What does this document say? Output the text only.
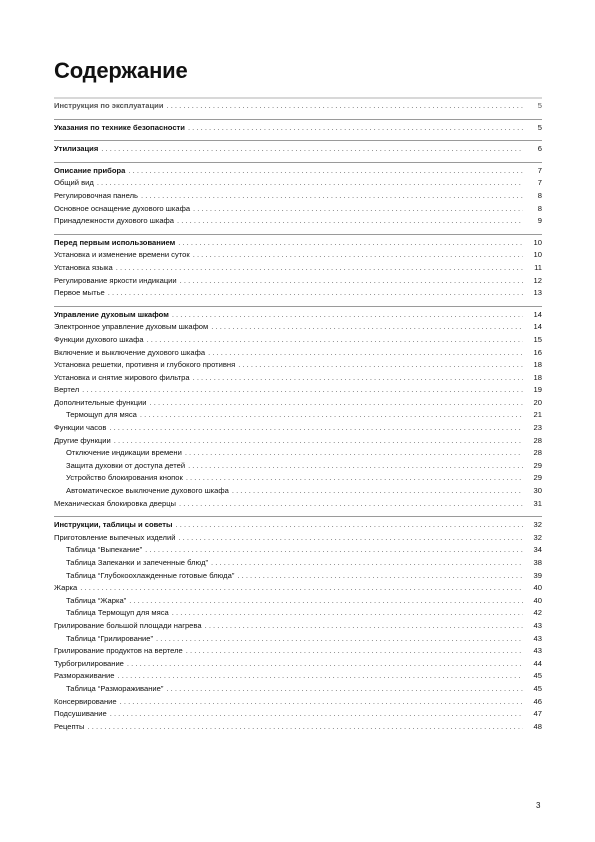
Содержание
Инструкция по эксплуатации . . .	5
Указания по технике безопасности . . .	5
Утилизация . . .	6
Описание прибора . . .	7
Общий вид . . .	7
Регулировочная панель . . .	8
Основное оснащение духового шкафа . . .	8
Принадлежности духового шкафа . . .	9
Перед первым использованием . . .	10
Установка и изменение времени суток . . .	10
Установка языка . . .	11
Регулирование яркости индикации . . .	12
Первое мытье . . .	13
Управление духовым шкафом . . .	14
Электронное управление духовым шкафом . . .	14
Функции духового шкафа . . .	15
Включение и выключение духового шкафа . . .	16
Установка решетки, противня и глубокого противня . . .	18
Установка и снятие жирового фильтра . . .	18
Вертел . . .	19
Дополнительные функции . . .	20
Термощуп для мяса . . .	21
Функции часов . . .	23
Другие функции . . .	28
Отключение индикации времени . . .	28
Защита духовки от доступа детей . . .	29
Устройство блокирования кнопок . . .	29
Автоматическое выключение духового шкафа . . .	30
Механическая блокировка дверцы . . .	31
Инструкции, таблицы и советы . . .	32
Приготовление выпечных изделий . . .	32
Таблица “Выпекание” . . .	34
Таблица Запеканки и запеченные блюд” . . .	38
Таблица “Глубокоохлажденные готовые блюда” . . .	39
Жарка . . .	40
Таблица “Жарка” . . .	40
Таблица Термощуп для мяса . . .	42
Грилирование большой площади нагрева . . .	43
Таблица “Грилирование” . . .	43
Грилирование продуктов на вертеле . . .	43
Турбогрилирование . . .	44
Размораживание . . .	45
Таблица “Размораживание” . . .	45
Консервирование . . .	46
Подсушивание . . .	47
Рецепты . . .	48
3
